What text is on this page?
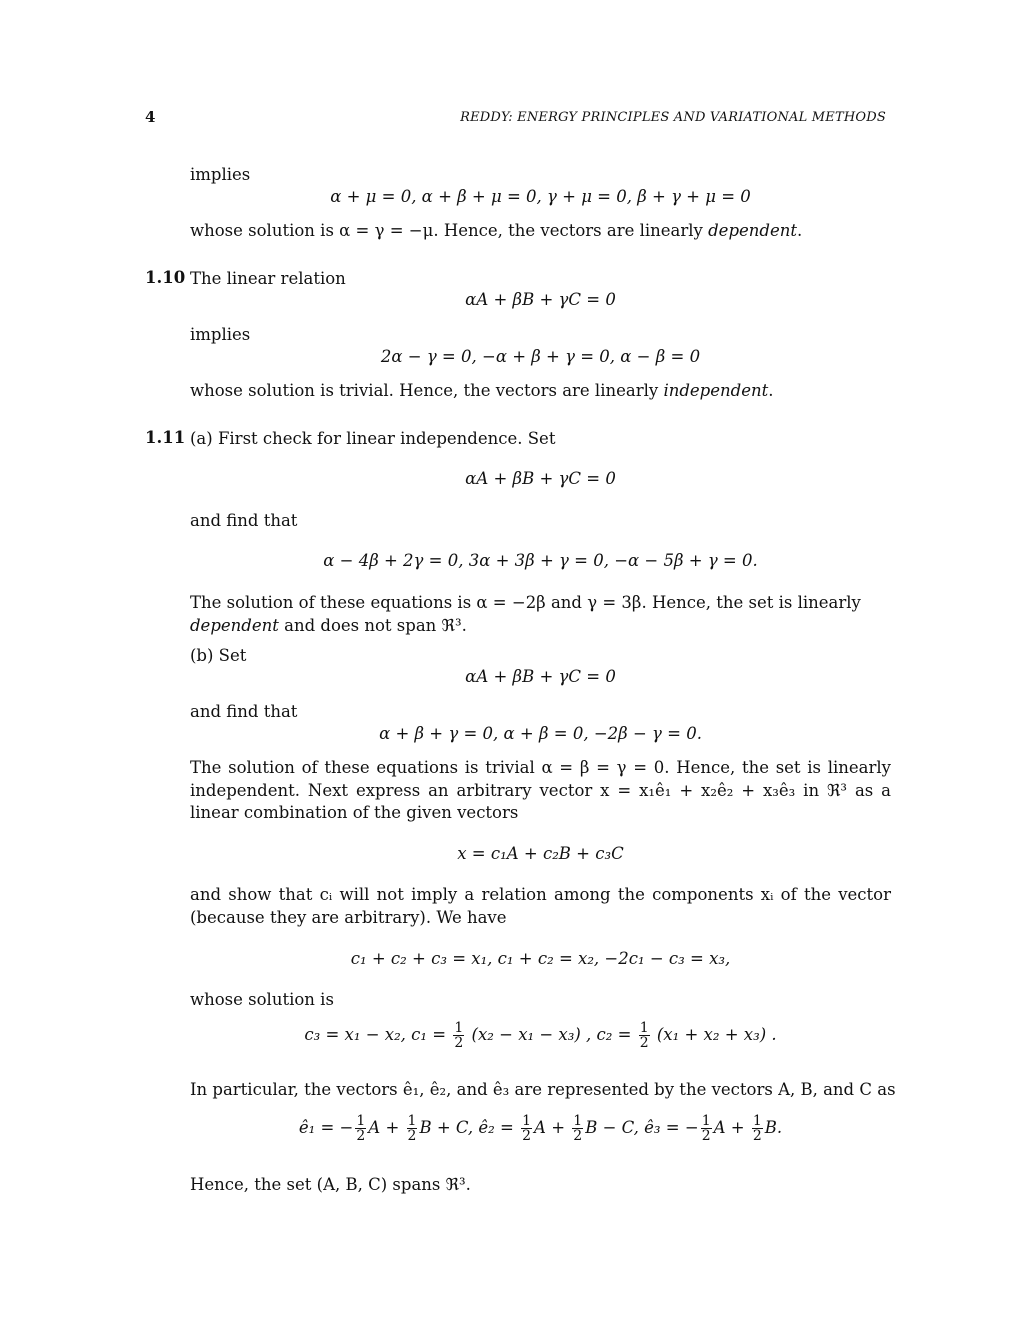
4	REDDY: ENERGY PRINCIPLES AND VARIATIONAL METHODS
implies
α + μ = 0, α + β + μ = 0, γ + μ = 0, β + γ + μ = 0
whose solution is α = γ = −μ. Hence, the vectors are linearly dependent.
1.10 The linear relation
αA + βB + γC = 0
implies
2α − γ = 0, −α + β + γ = 0, α − β = 0
whose solution is trivial. Hence, the vectors are linearly independent.
1.11 (a) First check for linear independence. Set
αA + βB + γC = 0
and find that
α − 4β + 2γ = 0, 3α + 3β + γ = 0, −α − 5β + γ = 0.
The solution of these equations is α = −2β and γ = 3β. Hence, the set is linearly
dependent and does not span ℜ³.
(b) Set
αA + βB + γC = 0
and find that
α + β + γ = 0, α + β = 0, −2β − γ = 0.
The solution of these equations is trivial α = β = γ = 0. Hence, the set is linearly independent. Next express an arbitrary vector x = x₁ê₁ + x₂ê₂ + x₃ê₃ in ℜ³ as a linear combination of the given vectors
x = c₁A + c₂B + c₃C
and show that cᵢ will not imply a relation among the components xᵢ of the vector (because they are arbitrary). We have
c₁ + c₂ + c₃ = x₁, c₁ + c₂ = x₂, −2c₁ − c₃ = x₃,
whose solution is
c₃ = x₁ − x₂, $c_1 = \frac{1}{2} (x_2 - x_1 - x_3)$ , $c_2 = \frac{1}{2} (x_1 + x_2 + x_3)$ .
In particular, the vectors ê₁, ê₂, and ê₃ are represented by the vectors A, B, and C as
ê₁ = − $\frac{1}{2}$ $A + \frac{1}{2}$ B + C, ê₂ = $\frac{1}{2}$ $A + \frac{1}{2}$ B − C, ê₃ = − $\frac{1}{2}$ $A + \frac{1}{2} B$.
Hence, the set (A, B, C) spans ℜ³.
